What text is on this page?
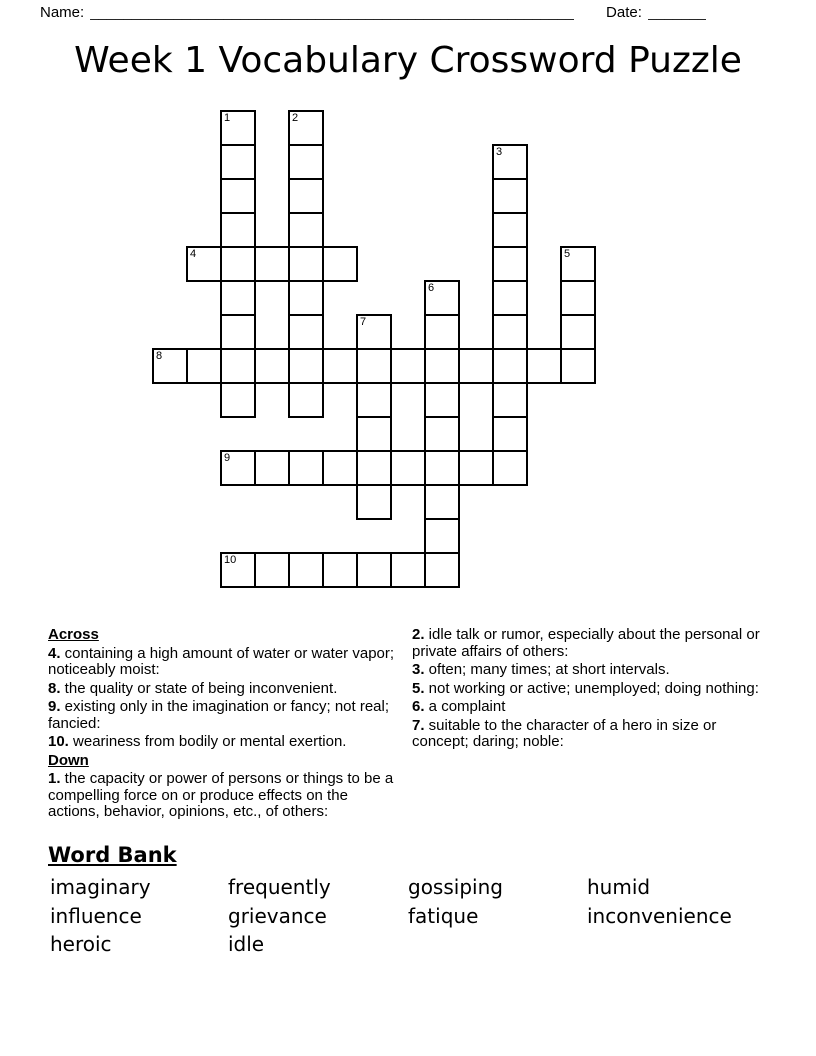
Name: __________________________________________________________ Date: _______
Week 1 Vocabulary Crossword Puzzle
1	2
3
4	5
6
7
8
9
10

Across

4. containing a high amount of water or water vapor; noticeably moist:

8. the quality or state of being inconvenient.

9. existing only in the imagination or fancy; not real; fancied:

10. weariness from bodily or mental exertion.

Down

1. the capacity or power of persons or things to be a compelling force on or produce effects on the actions, behavior, opinions, etc., of others:

2. idle talk or rumor, especially about the personal or private affairs of others:

3. often; many times; at short intervals.

5. not working or active; unemployed; doing nothing:

6. a complaint

7. suitable to the character of a hero in size or concept; daring; noble:

Word Bank
imaginary	frequently	gossiping	humid
influence	grievance	fatique	inconvenience
heroic	idle
